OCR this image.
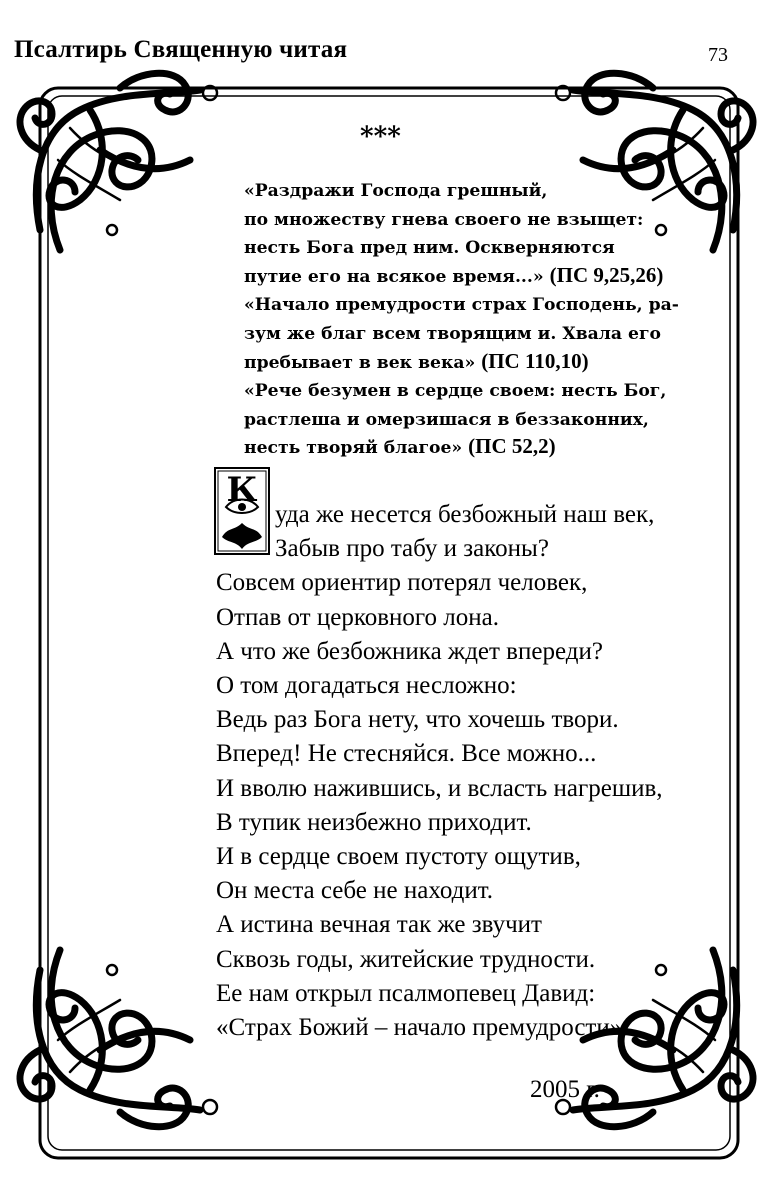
Псалтирь Священную читая	73
***
«Раздражи Господа грешный,
по множеству гнева своего не взыщет:
несть Бога пред ним. Оскверняются
путие его на всякое время...» (ПС 9,25,26)
«Начало премудрости страх Господень, ра-
зум же благ всем творящим и. Хвала его
пребывает в век века» (ПС 110,10)
«Рече безумен в сердце своем: несть Бог,
растлеша и омерзишася в беззаконних,
несть творяй благое» (ПС 52,2)
К
уда же несется безбожный наш век,
Забыв про табу и законы?
Совсем ориентир потерял человек,
Отпав от церковного лона.
А что же безбожника ждет впереди?
О том догадаться несложно:
Ведь раз Бога нету, что хочешь твори.
Вперед! Не стесняйся. Все можно...
И вволю нажившись, и всласть нагрешив,
В тупик неизбежно приходит.
И в сердце своем пустоту ощутив,
Он места себе не находит.
А истина вечная так же звучит
Сквозь годы, житейские трудности.
Ее нам открыл псалмопевец Давид:
«Страх Божий – начало премудрости».
2005 г.
